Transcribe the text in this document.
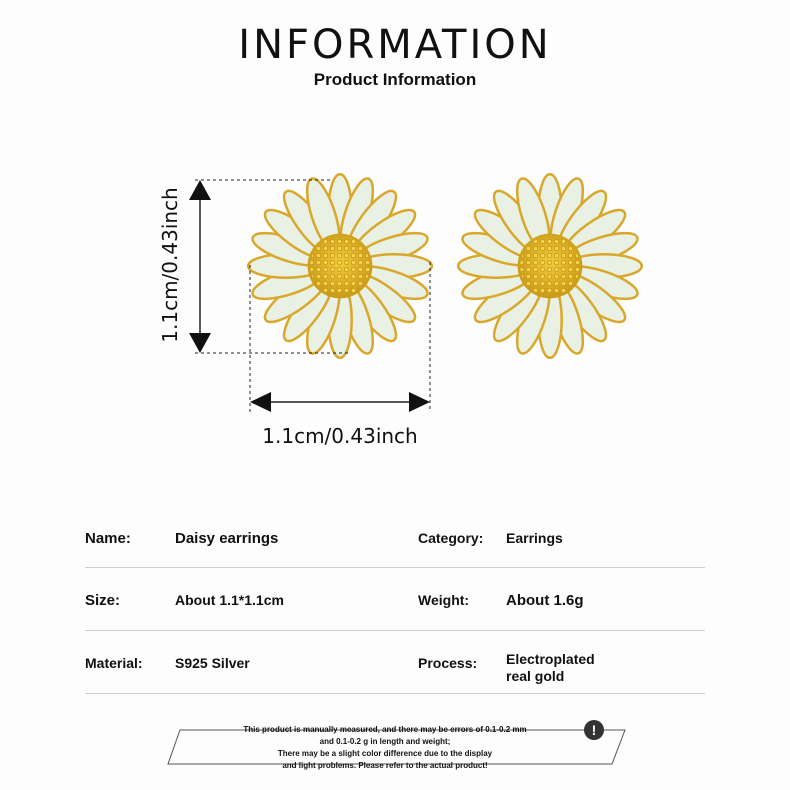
INFORMATION
Product Information
1.1cm/0.43inch
1.1cm/0.43inch
Name:	Daisy earrings	Category: Earrings
Size:	About 1.1*1.1cm	Weight: About 1.6g
Material: S925 Silver	Process: Electroplated
real gold
!
This product is manually measured, and there may be errors of 0.1-0.2 mm
and 0.1-0.2 g in length and weight;
There may be a slight color difference due to the display
and light problems. Please refer to the actual product!
